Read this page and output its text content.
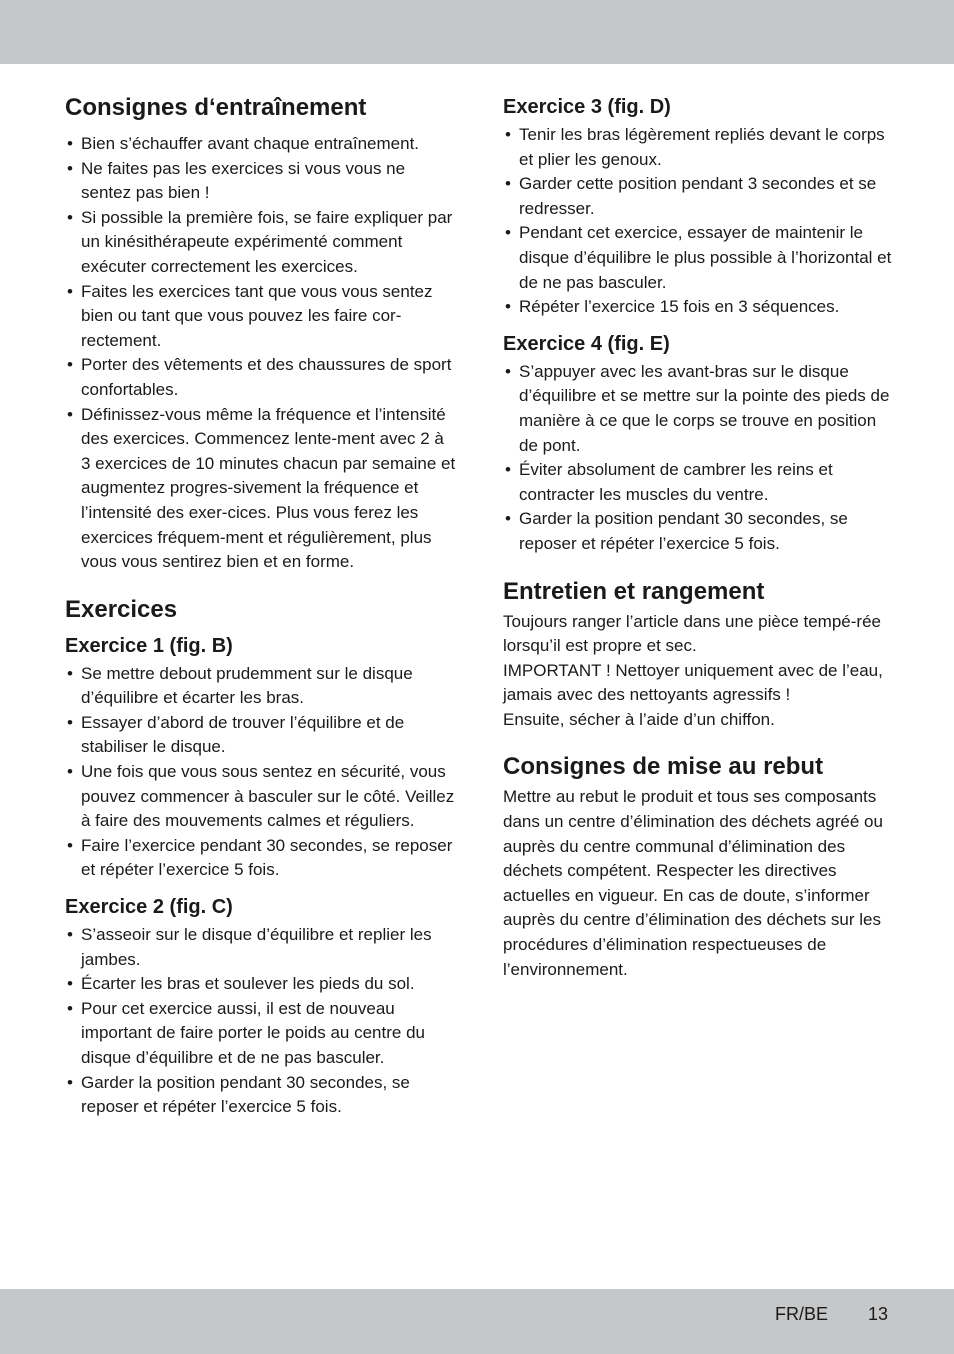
Consignes d‘entraînement
• Bien s’échauffer avant chaque entraînement.
• Ne faites pas les exercices si vous vous ne sentez pas bien !
• Si possible la première fois, se faire expliquer par un kinésithérapeute expérimenté comment exécuter correctement les exercices.
• Faites les exercices tant que vous vous sentez bien ou tant que vous pouvez les faire cor-rectement.
• Porter des vêtements et des chaussures de sport confortables.
• Définissez-vous même la fréquence et l’intensité des exercices. Commencez lente-ment avec 2 à 3 exercices de 10 minutes chacun par semaine et augmentez progres-sivement la fréquence et l’intensité des exer-cices. Plus vous ferez les exercices fréquem-ment et régulièrement, plus vous vous sentirez bien et en forme.
Exercices
Exercice 1 (fig. B)
• Se mettre debout prudemment sur le disque d’équilibre et écarter les bras.
• Essayer d’abord de trouver l’équilibre et de stabiliser le disque.
• Une fois que vous sous sentez en sécurité, vous pouvez commencer à basculer sur le côté. Veillez à faire des mouvements calmes et réguliers.
• Faire l’exercice pendant 30 secondes, se reposer et répéter l’exercice 5 fois.
Exercice 2 (fig. C)
• S’asseoir sur le disque d’équilibre et replier les jambes.
• Écarter les bras et soulever les pieds du sol.
• Pour cet exercice aussi, il est de nouveau important de faire porter le poids au centre du disque d’équilibre et de ne pas basculer.
• Garder la position pendant 30 secondes, se reposer et répéter l’exercice 5 fois.
Exercice 3 (fig. D)
• Tenir les bras légèrement repliés devant le corps et plier les genoux.
• Garder cette position pendant 3 secondes et se redresser.
• Pendant cet exercice, essayer de maintenir le disque d’équilibre le plus possible à l’horizontal et de ne pas basculer.
• Répéter l’exercice 15 fois en 3 séquences.
Exercice 4 (fig. E)
• S’appuyer avec les avant-bras sur le disque d’équilibre et se mettre sur la pointe des pieds de manière à ce que le corps se trouve en position de pont.
• Éviter absolument de cambrer les reins et contracter les muscles du ventre.
• Garder la position pendant 30 secondes, se reposer et répéter l’exercice 5 fois.
Entretien et rangement

Toujours ranger l’article dans une pièce tempé-rée lorsqu’il est propre et sec.

IMPORTANT ! Nettoyer uniquement avec de l’eau, jamais avec des nettoyants agressifs !

Ensuite, sécher à l’aide d’un chiffon.

Consignes de mise au rebut

Mettre au rebut le produit et tous ses composants dans un centre d’élimination des déchets agréé ou auprès du centre communal d’élimination des déchets compétent. Respecter les directives actuelles en vigueur. En cas de doute, s’informer auprès du centre d’élimination des déchets sur les procédures d’élimination respectueuses de l’environnement.

FR/BE 13
